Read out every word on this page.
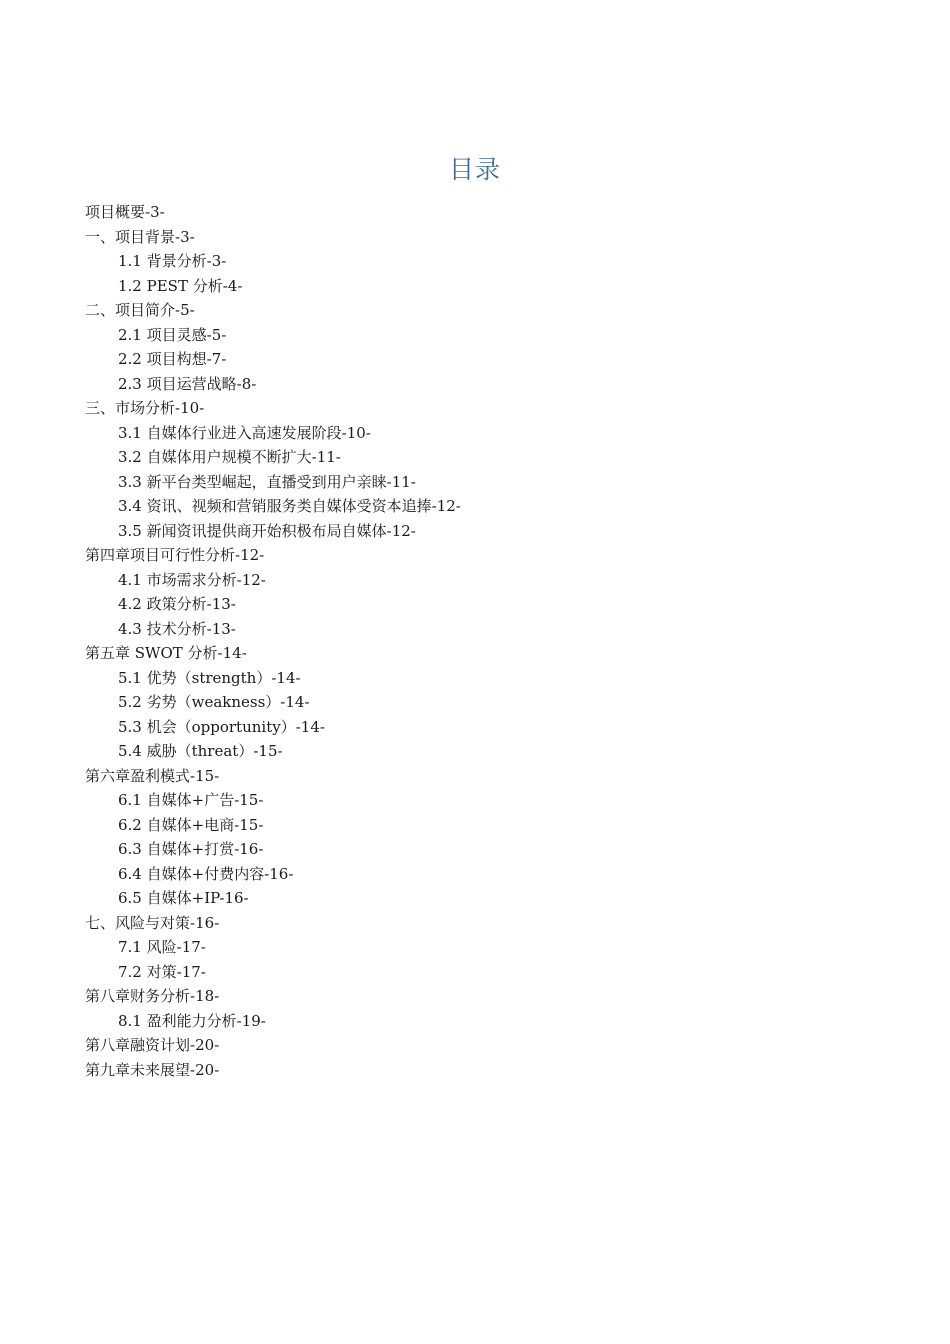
目录
项目概要-3-
一、项目背景-3-
1.1 背景分析-3-
1.2 PEST 分析-4-
二、项目简介-5-
2.1 项目灵感-5-
2.2 项目构想-7-
2.3 项目运营战略-8-
三、市场分析-10-
3.1 自媒体行业进入高速发展阶段-10-
3.2 自媒体用户规模不断扩大-11-
3.3 新平台类型崛起，直播受到用户亲睐-11-
3.4 资讯、视频和营销服务类自媒体受资本追捧-12-
3.5 新闻资讯提供商开始积极布局自媒体-12-
第四章项目可行性分析-12-
4.1 市场需求分析-12-
4.2 政策分析-13-
4.3 技术分析-13-
第五章 SWOT 分析-14-
5.1 优势（strength）-14-
5.2 劣势（weakness）-14-
5.3 机会（opportunity）-14-
5.4 威胁（threat）-15-
第六章盈利模式-15-
6.1 自媒体+广告-15-
6.2 自媒体+电商-15-
6.3 自媒体+打赏-16-
6.4 自媒体+付费内容-16-
6.5 自媒体+IP-16-
七、风险与对策-16-
7.1 风险-17-
7.2 对策-17-
第八章财务分析-18-
8.1 盈利能力分析-19-
第八章融资计划-20-
第九章未来展望-20-
